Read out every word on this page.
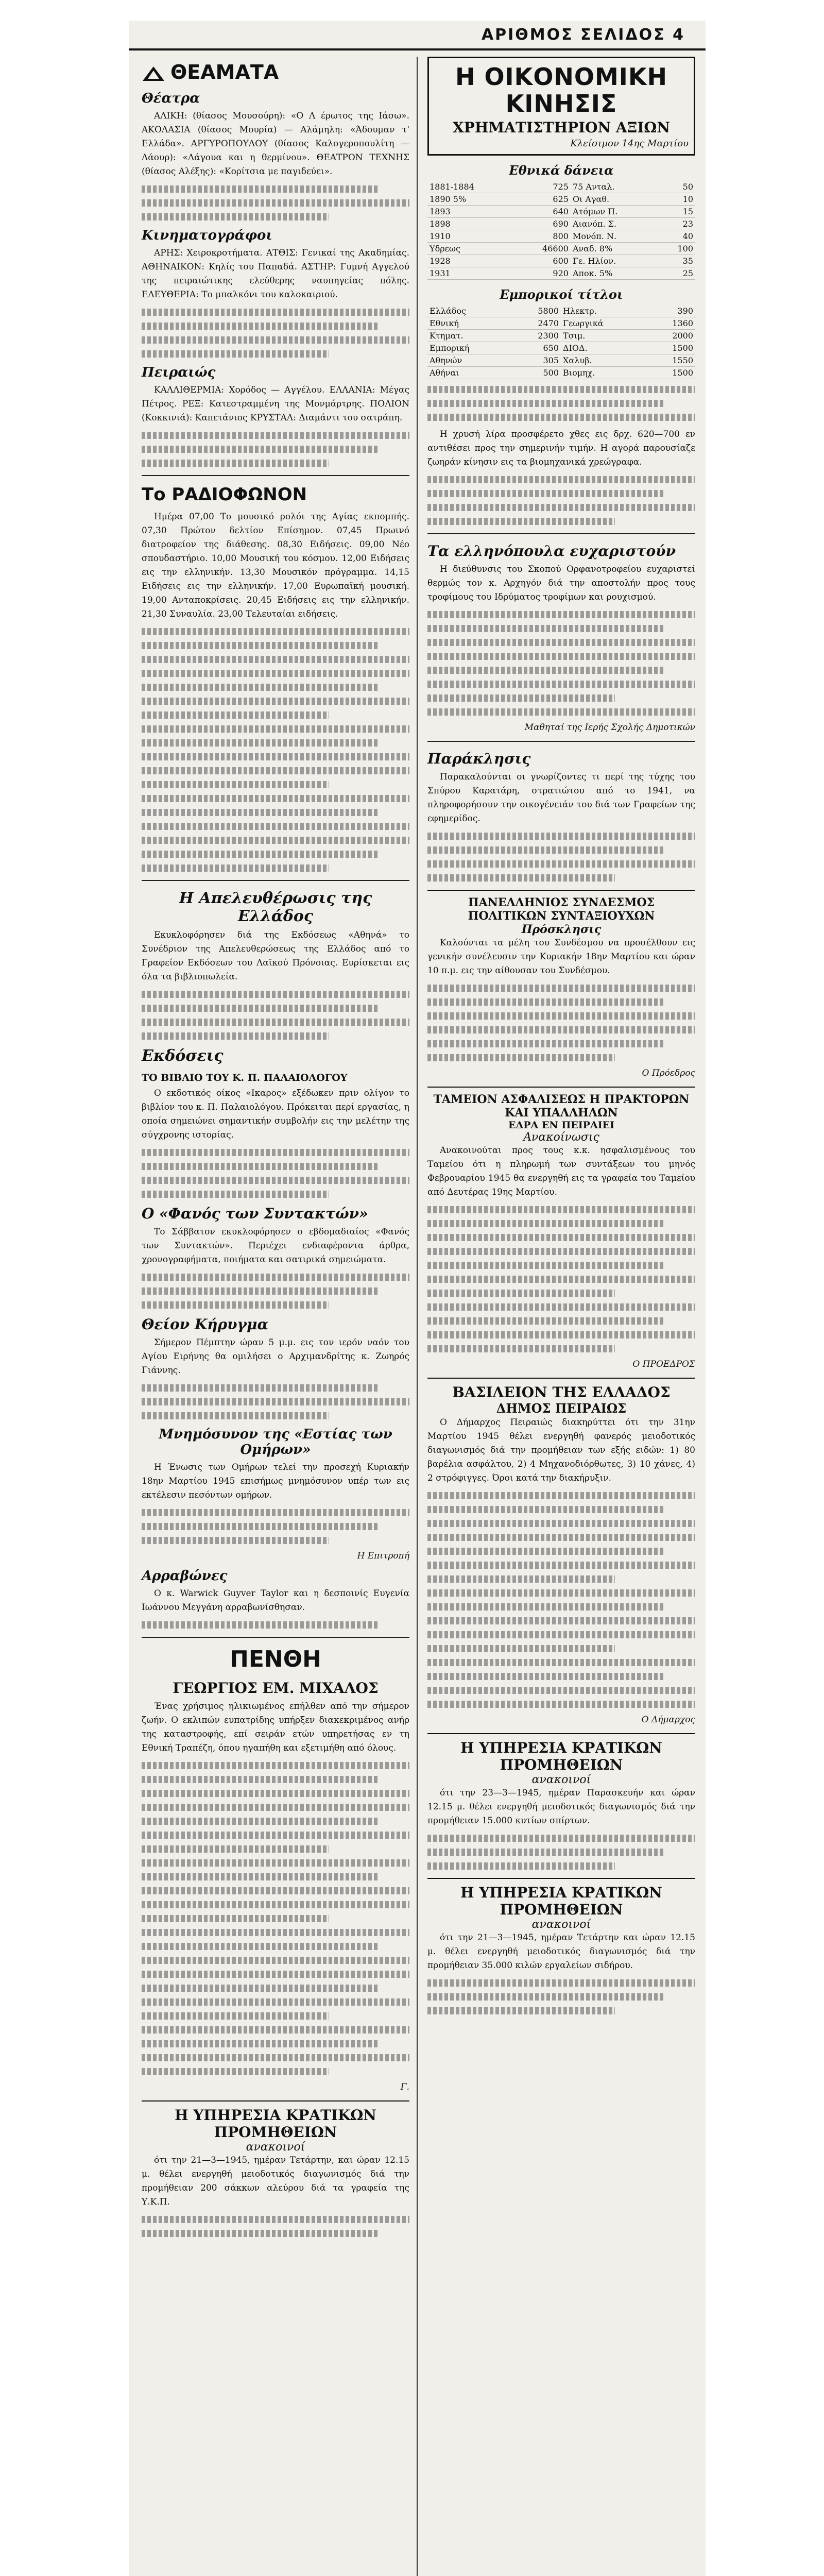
ΑΡΙΘΜΟΣ ΣΕΛΙΔΟΣ 4
ΘΕΑΜΑΤΑ
Θέατρα

ΑΛΙΚΗ: (θίασος Μουσούρη): «Ο Λ έρωτος της Ιάσω». ΑΚΟΛΑΣΙΑ (θίασος Μουρία) — Αλάμηλη: «Άδουμαν τ' Ελλάδα». ΑΡΓΥΡΟΠΟΥΛΟΥ (θίασος Καλογεροπουλίτη — Λάουρ): «Λάγουα και η θερμίνου». ΘΕΑΤΡΟΝ ΤΕΧΝΗΣ (θίασος Αλέξης): «Κορίτσια με παγιδεύει».

Κινηματογράφοι

ΑΡΗΣ: Χειροκροτήματα. ΑΤΘΙΣ: Γενικαί της Ακαδημίας. ΑΘΗΝΑΙΚΟΝ: Κηλίς του Παπαδά. ΑΣΤΗΡ: Γυμνή Αγγελού της πειραιώτικης ελεύθερης ναυπηγείας πόλης. ΕΛΕΥΘΕΡΙΑ: Το μπαλκόνι του καλοκαιριού.

Πειραιώς

ΚΑΛΛΙΘΕΡΜΙΑ: Χορόδος — Αγγέλου. ΕΛΛΑΝΙΑ: Μέγας Πέτρος. ΡΕΞ: Κατεστραμμένη της Μονμάρτρης. ΠΟΛΙΟΝ (Κοκκινιά): Καπετάνιος ΚΡΥΣΤΑΛ: Διαμάντι του σατράπη.

Το ΡΑΔΙΟΦΩΝΟΝ

Ημέρα 07,00 Το μουσικό ρολόι της Αγίας εκπομπής. 07,30 Πρώτον δελτίον Επίσημον. 07,45 Πρωινό διατροφείον της διάθεσης. 08,30 Ειδήσεις. 09,00 Νέο σπουδαστήριο. 10,00 Μουσική του κόσμου. 12,00 Ειδήσεις εις την ελληνικήν. 13,30 Μουσικόν πρόγραμμα. 14,15 Ειδήσεις εις την ελληνικήν. 17,00 Ευρωπαϊκή μουσική. 19,00 Ανταποκρίσεις. 20,45 Ειδήσεις εις την ελληνικήν. 21,30 Συναυλία. 23,00 Τελευταίαι ειδήσεις.

Η Απελευθέρωσις της Ελλάδος

Εκυκλοφόρησεν διά της Εκδόσεως «Αθηνά» το Συνέδριον της Απελευθερώσεως της Ελλάδος από το Γραφείον Εκδόσεων του Λαϊκού Πρόνοιας. Ευρίσκεται εις όλα τα βιβλιοπωλεία.

Εκδόσεις
ΤΟ ΒΙΒΛΙΟ ΤΟΥ Κ. Π. ΠΑΛΑΙΟΛΟΓΟΥ

Ο εκδοτικός οίκος «Ικαρος» εξέδωκεν πριν ολίγον το βιβλίον του κ. Π. Παλαιολόγου. Πρόκειται περί εργασίας, η οποία σημειώνει σημαντικήν συμβολήν εις την μελέτην της σύγχρονης ιστορίας.

Ο «Φανός των Συντακτών»

Το Σάββατον εκυκλοφόρησεν ο εβδομαδιαίος «Φανός των Συντακτών». Περιέχει ενδιαφέροντα άρθρα, χρονογραφήματα, ποιήματα και σατιρικά σημειώματα.

Θείον Κήρυγμα

Σήμερον Πέμπτην ώραν 5 μ.μ. εις τον ιερόν ναόν του Αγίου Ειρήνης θα ομιλήσει ο Αρχιμανδρίτης κ. Ζωηρός Γιάννης.

Μνημόσυνον της «Εστίας των Ομήρων»

Η Ένωσις των Ομήρων τελεί την προσεχή Κυριακήν 18ην Μαρτίου 1945 επισήμως μνημόσυνον υπέρ των εις εκτέλεσιν πεσόντων ομήρων.

Η Επιτροπή
Αρραβώνες

Ο κ. Warwick Guyver Taylor και η δεσποινίς Ευγενία Ιωάννου Μεγγάνη αρραβωνίσθησαν.

ΠΕΝΘΗ
ΓΕΩΡΓΙΟΣ ΕΜ. ΜΙΧΑΛΟΣ

Ένας χρήσιμος ηλικιωμένος επήλθεν από την σήμερον ζωήν. Ο εκλιπών ευπατρίδης υπήρξεν διακεκριμένος ανήρ της καταστροφής, επί σειράν ετών υπηρετήσας εν τη Εθνική Τραπέζη, όπου ηγαπήθη και εξετιμήθη από όλους.

Γ.
Η ΥΠΗΡΕΣΙΑ ΚΡΑΤΙΚΩΝ ΠΡΟΜΗΘΕΙΩΝ
ανακοινοί

ότι την 21—3—1945, ημέραν Τετάρτην, και ώραν 12.15 μ. θέλει ενεργηθή μειοδοτικός διαγωνισμός διά την προμήθειαν 200 σάκκων αλεύρου διά τα γραφεία της Υ.Κ.Π.

Η ΟΙΚΟΝΟΜΙΚΗ ΚΙΝΗΣΙΣ
ΧΡΗΜΑΤΙΣΤΗΡΙΟΝ ΑΞΙΩΝ
Κλείσιμον 14ης Μαρτίου
Εθνικά δάνεια
1881-1884	725	75 Ανταλ.	50
1890 5%	625	Οι Αγαθ.	10
1893	640	Ατόμων Π.	15
1898	690	Αιανόπ. Σ.	23
1910	800	Μονόπ. Ν.	40
Υδρεως	46600	Αναδ. 8%	100
1928	600	Γε. Ηλίον.	35
1931	920	Αποκ. 5%	25
Εμπορικοί τίτλοι
Ελλάδος	5800	Ηλεκτρ.	390
Εθνική	2470	Γεωργικά	1360
Κτηματ.	2300	Τσιμ.	2000
Εμπορική	650	ΔΙΟΔ.	1500
Αθηνών	305	Χαλυβ.	1550
Αθήναι	500	Βιομηχ.	1500

Η χρυσή λίρα προσφέρετο χθες εις δρχ. 620—700 εν αντιθέσει προς την σημερινήν τιμήν. Η αγορά παρουσίαζε ζωηράν κίνησιν εις τα βιομηχανικά χρεώγραφα.

Τα ελληνόπουλα ευχαριστούν

Η διεύθυνσις του Σκοπού Ορφανοτροφείου ευχαριστεί θερμώς τον κ. Αρχηγόν διά την αποστολήν προς τους τροφίμους του Ιδρύματος τροφίμων και ρουχισμού.

Μαθηταί της Ιερής Σχολής Δημοτικών
Παράκλησις

Παρακαλούνται οι γνωρίζοντες τι περί της τύχης του Σπύρου Καρατάρη, στρατιώτου από το 1941, να πληροφορήσουν την οικογένειάν του διά των Γραφείων της εφημερίδος.

ΠΑΝΕΛΛΗΝΙΟΣ ΣΥΝΔΕΣΜΟΣ ΠΟΛΙΤΙΚΩΝ ΣΥΝΤΑΞΙΟΥΧΩΝ
Πρόσκλησις

Καλούνται τα μέλη του Συνδέσμου να προσέλθουν εις γενικήν συνέλευσιν την Κυριακήν 18ην Μαρτίου και ώραν 10 π.μ. εις την αίθουσαν του Συνδέσμου.

Ο Πρόεδρος
ΤΑΜΕΙΟΝ ΑΣΦΑΛΙΣΕΩΣ Η ΠΡΑΚΤΟΡΩΝ ΚΑΙ ΥΠΑΛΛΗΛΩΝ
ΕΔΡΑ ΕΝ ΠΕΙΡΑΙΕΙ
Ανακοίνωσις

Ανακοινούται προς τους κ.κ. ησφαλισμένους του Ταμείου ότι η πληρωμή των συντάξεων του μηνός Φεβρουαρίου 1945 θα ενεργηθή εις τα γραφεία του Ταμείου από Δευτέρας 19ης Μαρτίου.

Ο ΠΡΟΕΔΡΟΣ
ΒΑΣΙΛΕΙΟΝ ΤΗΣ ΕΛΛΑΔΟΣ
ΔΗΜΟΣ ΠΕΙΡΑΙΩΣ

Ο Δήμαρχος Πειραιώς διακηρύττει ότι την 31ην Μαρτίου 1945 θέλει ενεργηθή φανερός μειοδοτικός διαγωνισμός διά την προμήθειαν των εξής ειδών: 1) 80 βαρέλια ασφάλτου, 2) 4 Μηχανοδιόρθωτες, 3) 10 χάνες, 4) 2 στρόφιγγες. Όροι κατά την διακήρυξιν.

Ο Δήμαρχος
Η ΥΠΗΡΕΣΙΑ ΚΡΑΤΙΚΩΝ ΠΡΟΜΗΘΕΙΩΝ
ανακοινοί

ότι την 23—3—1945, ημέραν Παρασκευήν και ώραν 12.15 μ. θέλει ενεργηθή μειοδοτικός διαγωνισμός διά την προμήθειαν 15.000 κυτίων σπίρτων.

Η ΥΠΗΡΕΣΙΑ ΚΡΑΤΙΚΩΝ ΠΡΟΜΗΘΕΙΩΝ
ανακοινοί

ότι την 21—3—1945, ημέραν Τετάρτην και ώραν 12.15 μ. θέλει ενεργηθή μειοδοτικός διαγωνισμός διά την προμήθειαν 35.000 κιλών εργαλείων σιδήρου.
